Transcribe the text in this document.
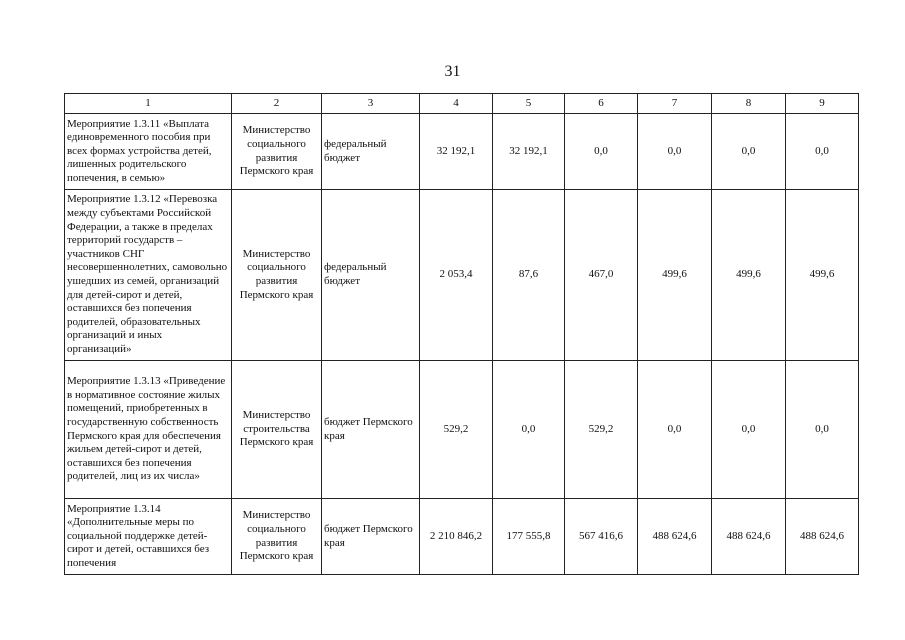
31
1	2	3	4	5	6	7	8	9
Мероприятие 1.3.11 «Выплата единовременного пособия при всех формах устройства детей, лишенных родительского попечения, в семью»	Министерство социального развития Пермского края	федеральный бюджет	32 192,1	32 192,1	0,0	0,0	0,0	0,0
Мероприятие 1.3.12 «Перевозка между субъектами Российской Федерации, а также в пределах территорий государств – участников СНГ несовершеннолетних, самовольно ушедших из семей, организаций для детей-сирот и детей, оставшихся без попечения родителей, образовательных организаций и иных организаций»	Министерство социального развития Пермского края	федеральный бюджет	2 053,4	87,6	467,0	499,6	499,6	499,6
Мероприятие 1.3.13 «Приведение в нормативное состояние жилых помещений, приобретенных в государственную собственность Пермского края для обеспечения жильем детей-сирот и детей, оставшихся без попечения родителей, лиц из их числа»	Министерство строительства Пермского края	бюджет Пермского края	529,2	0,0	529,2	0,0	0,0	0,0
Мероприятие 1.3.14 «Дополнительные меры по социальной поддержке детей-сирот и детей, оставшихся без попечения	Министерство социального развития Пермского края	бюджет Пермского края	2 210 846,2	177 555,8	567 416,6	488 624,6	488 624,6	488 624,6
